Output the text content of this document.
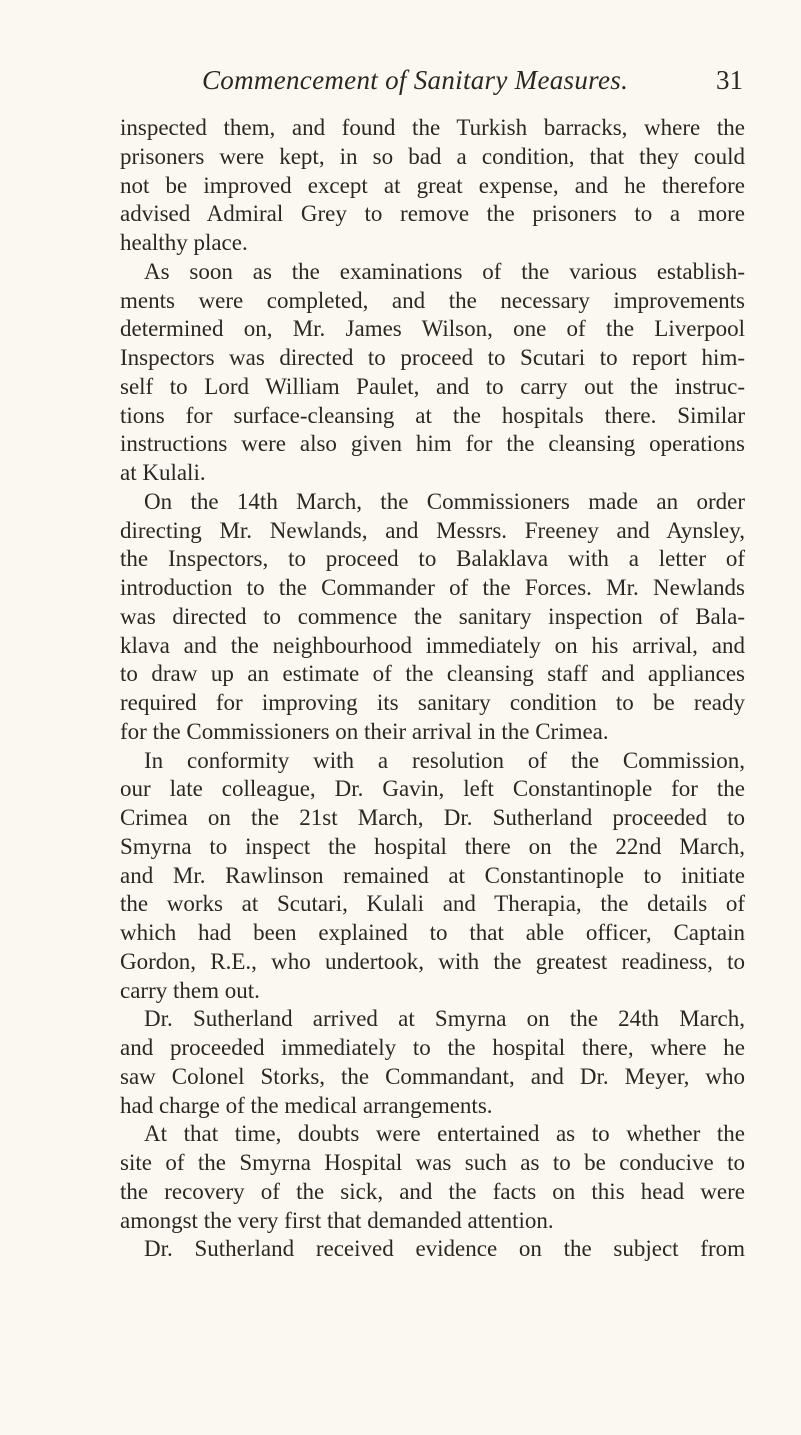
Commencement of Sanitary Measures.	31
inspected them, and found the Turkish barracks, where the
prisoners were kept, in so bad a condition, that they could
not be improved except at great expense, and he therefore
advised Admiral Grey to remove the prisoners to a more
healthy place.
As soon as the examinations of the various establish-
ments were completed, and the necessary improvements
determined on, Mr. James Wilson, one of the Liverpool
Inspectors was directed to proceed to Scutari to report him-
self to Lord William Paulet, and to carry out the instruc-
tions for surface-cleansing at the hospitals there. Similar
instructions were also given him for the cleansing operations
at Kulali.
On the 14th March, the Commissioners made an order
directing Mr. Newlands, and Messrs. Freeney and Aynsley,
the Inspectors, to proceed to Balaklava with a letter of
introduction to the Commander of the Forces. Mr. Newlands
was directed to commence the sanitary inspection of Bala-
klava and the neighbourhood immediately on his arrival, and
to draw up an estimate of the cleansing staff and appliances
required for improving its sanitary condition to be ready
for the Commissioners on their arrival in the Crimea.
In conformity with a resolution of the Commission,
our late colleague, Dr. Gavin, left Constantinople for the
Crimea on the 21st March, Dr. Sutherland proceeded to
Smyrna to inspect the hospital there on the 22nd March,
and Mr. Rawlinson remained at Constantinople to initiate
the works at Scutari, Kulali and Therapia, the details of
which had been explained to that able officer, Captain
Gordon, R.E., who undertook, with the greatest readiness, to
carry them out.
Dr. Sutherland arrived at Smyrna on the 24th March,
and proceeded immediately to the hospital there, where he
saw Colonel Storks, the Commandant, and Dr. Meyer, who
had charge of the medical arrangements.
At that time, doubts were entertained as to whether the
site of the Smyrna Hospital was such as to be conducive to
the recovery of the sick, and the facts on this head were
amongst the very first that demanded attention.
Dr. Sutherland received evidence on the subject from
